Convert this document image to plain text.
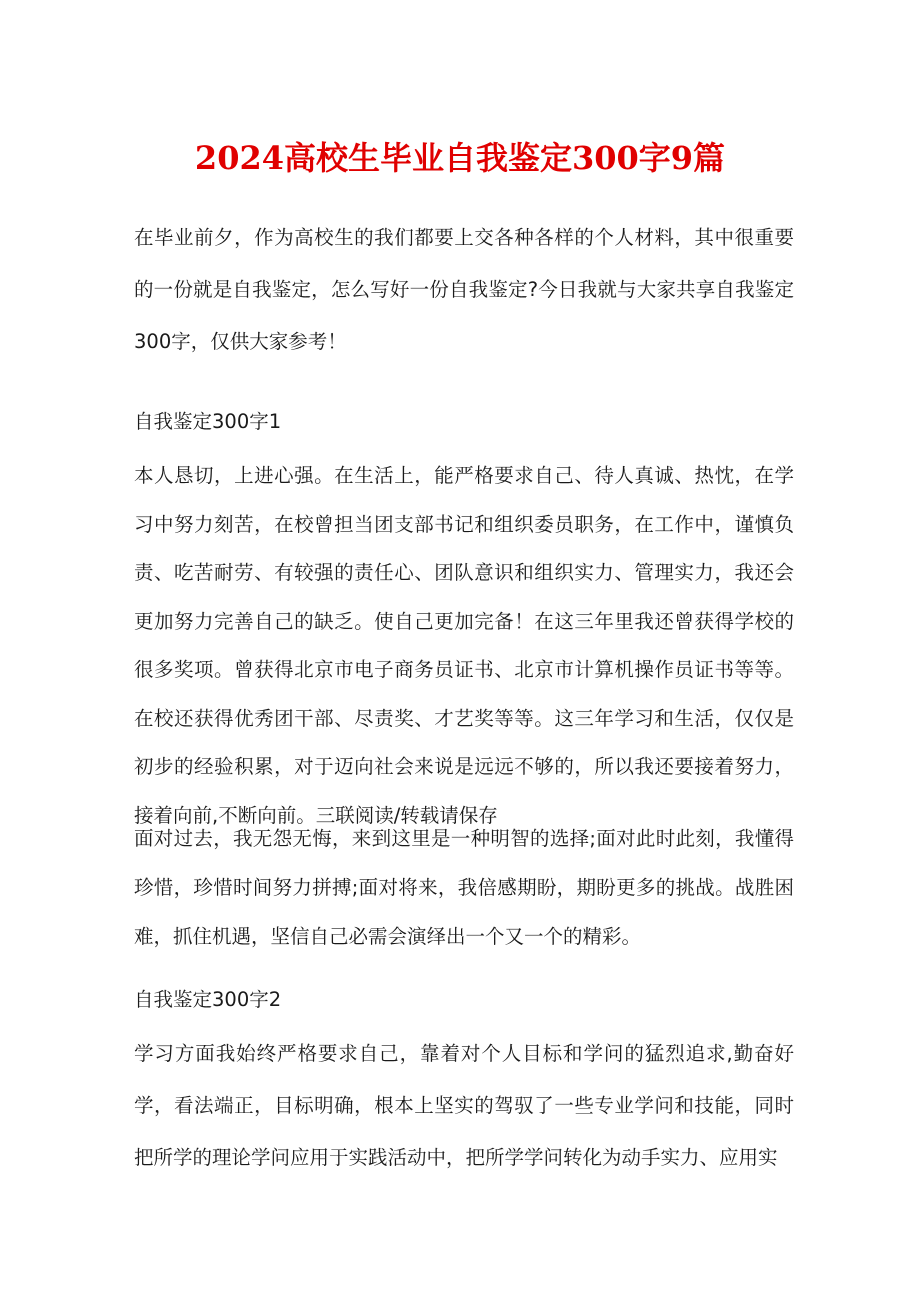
2024高校生毕业自我鉴定300字9篇

在毕业前夕，作为高校生的我们都要上交各种各样的个人材料，其中很重要的一份就是自我鉴定，怎么写好一份自我鉴定?今日我就与大家共享自我鉴定300字，仅供大家参考！

自我鉴定300字1

本人恳切，上进心强。在生活上，能严格要求自己、待人真诚、热忱，在学习中努力刻苦，在校曾担当团支部书记和组织委员职务，在工作中，谨慎负责、吃苦耐劳、有较强的责任心、团队意识和组织实力、管理实力，我还会更加努力完善自己的缺乏。使自己更加完备！在这三年里我还曾获得学校的很多奖项。曾获得北京市电子商务员证书、北京市计算机操作员证书等等。在校还获得优秀团干部、尽责奖、才艺奖等等。这三年学习和生活，仅仅是初步的经验积累，对于迈向社会来说是远远不够的，所以我还要接着努力，接着向前,不断向前。三联阅读/转载请保存

面对过去，我无怨无悔，来到这里是一种明智的选择;面对此时此刻，我懂得珍惜，珍惜时间努力拼搏;面对将来，我倍感期盼，期盼更多的挑战。战胜困难，抓住机遇，坚信自己必需会演绎出一个又一个的精彩。

自我鉴定300字2

学习方面我始终严格要求自己，靠着对个人目标和学问的猛烈追求,勤奋好学，看法端正，目标明确，根本上坚实的驾驭了一些专业学问和技能，同时把所学的理论学问应用于实践活动中，把所学学问转化为动手实力、应用实
